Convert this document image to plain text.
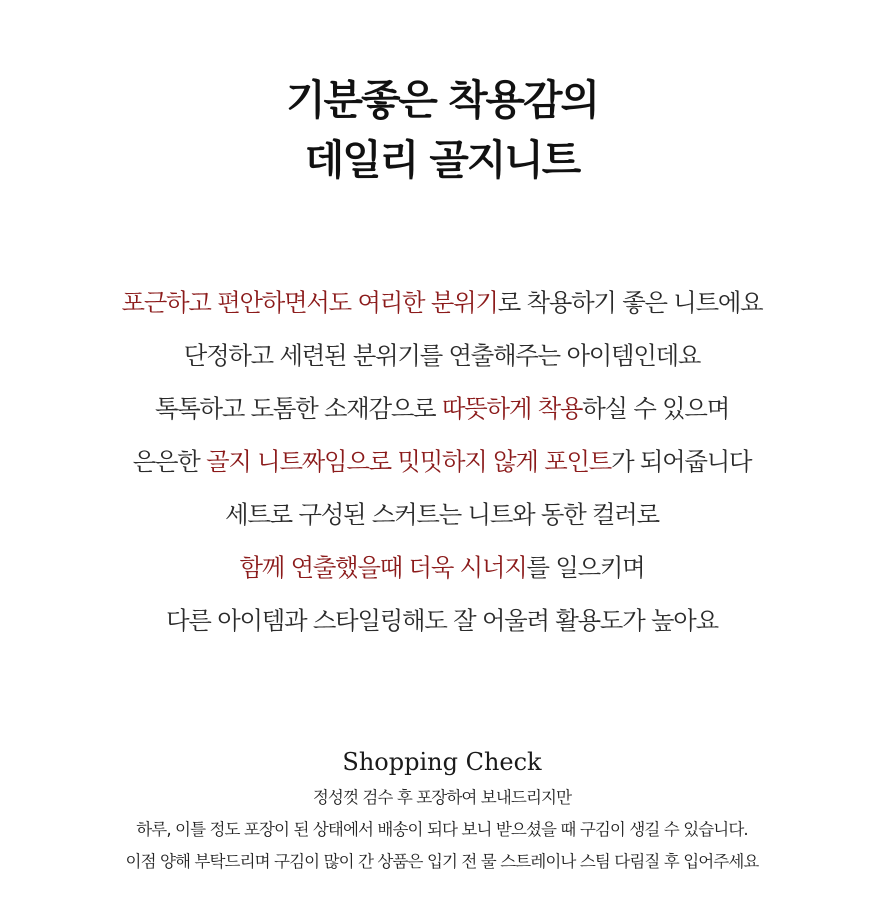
기분좋은 착용감의
데일리 골지니트
포근하고 편안하면서도 여리한 분위기로 착용하기 좋은 니트에요
단정하고 세련된 분위기를 연출해주는 아이템인데요
톡톡하고 도톰한 소재감으로 따뜻하게 착용하실 수 있으며
은은한 골지 니트짜임으로 밋밋하지 않게 포인트가 되어줍니다
세트로 구성된 스커트는 니트와 동한 컬러로
함께 연출했을때 더욱 시너지를 일으키며
다른 아이템과 스타일링해도 잘 어울려 활용도가 높아요
Shopping Check
정성껏 검수 후 포장하여 보내드리지만
하루, 이틀 정도 포장이 된 상태에서 배송이 되다 보니 받으셨을 때 구김이 생길 수 있습니다.
이점 양해 부탁드리며 구김이 많이 간 상품은 입기 전 물 스트레이나 스팀 다림질 후 입어주세요
